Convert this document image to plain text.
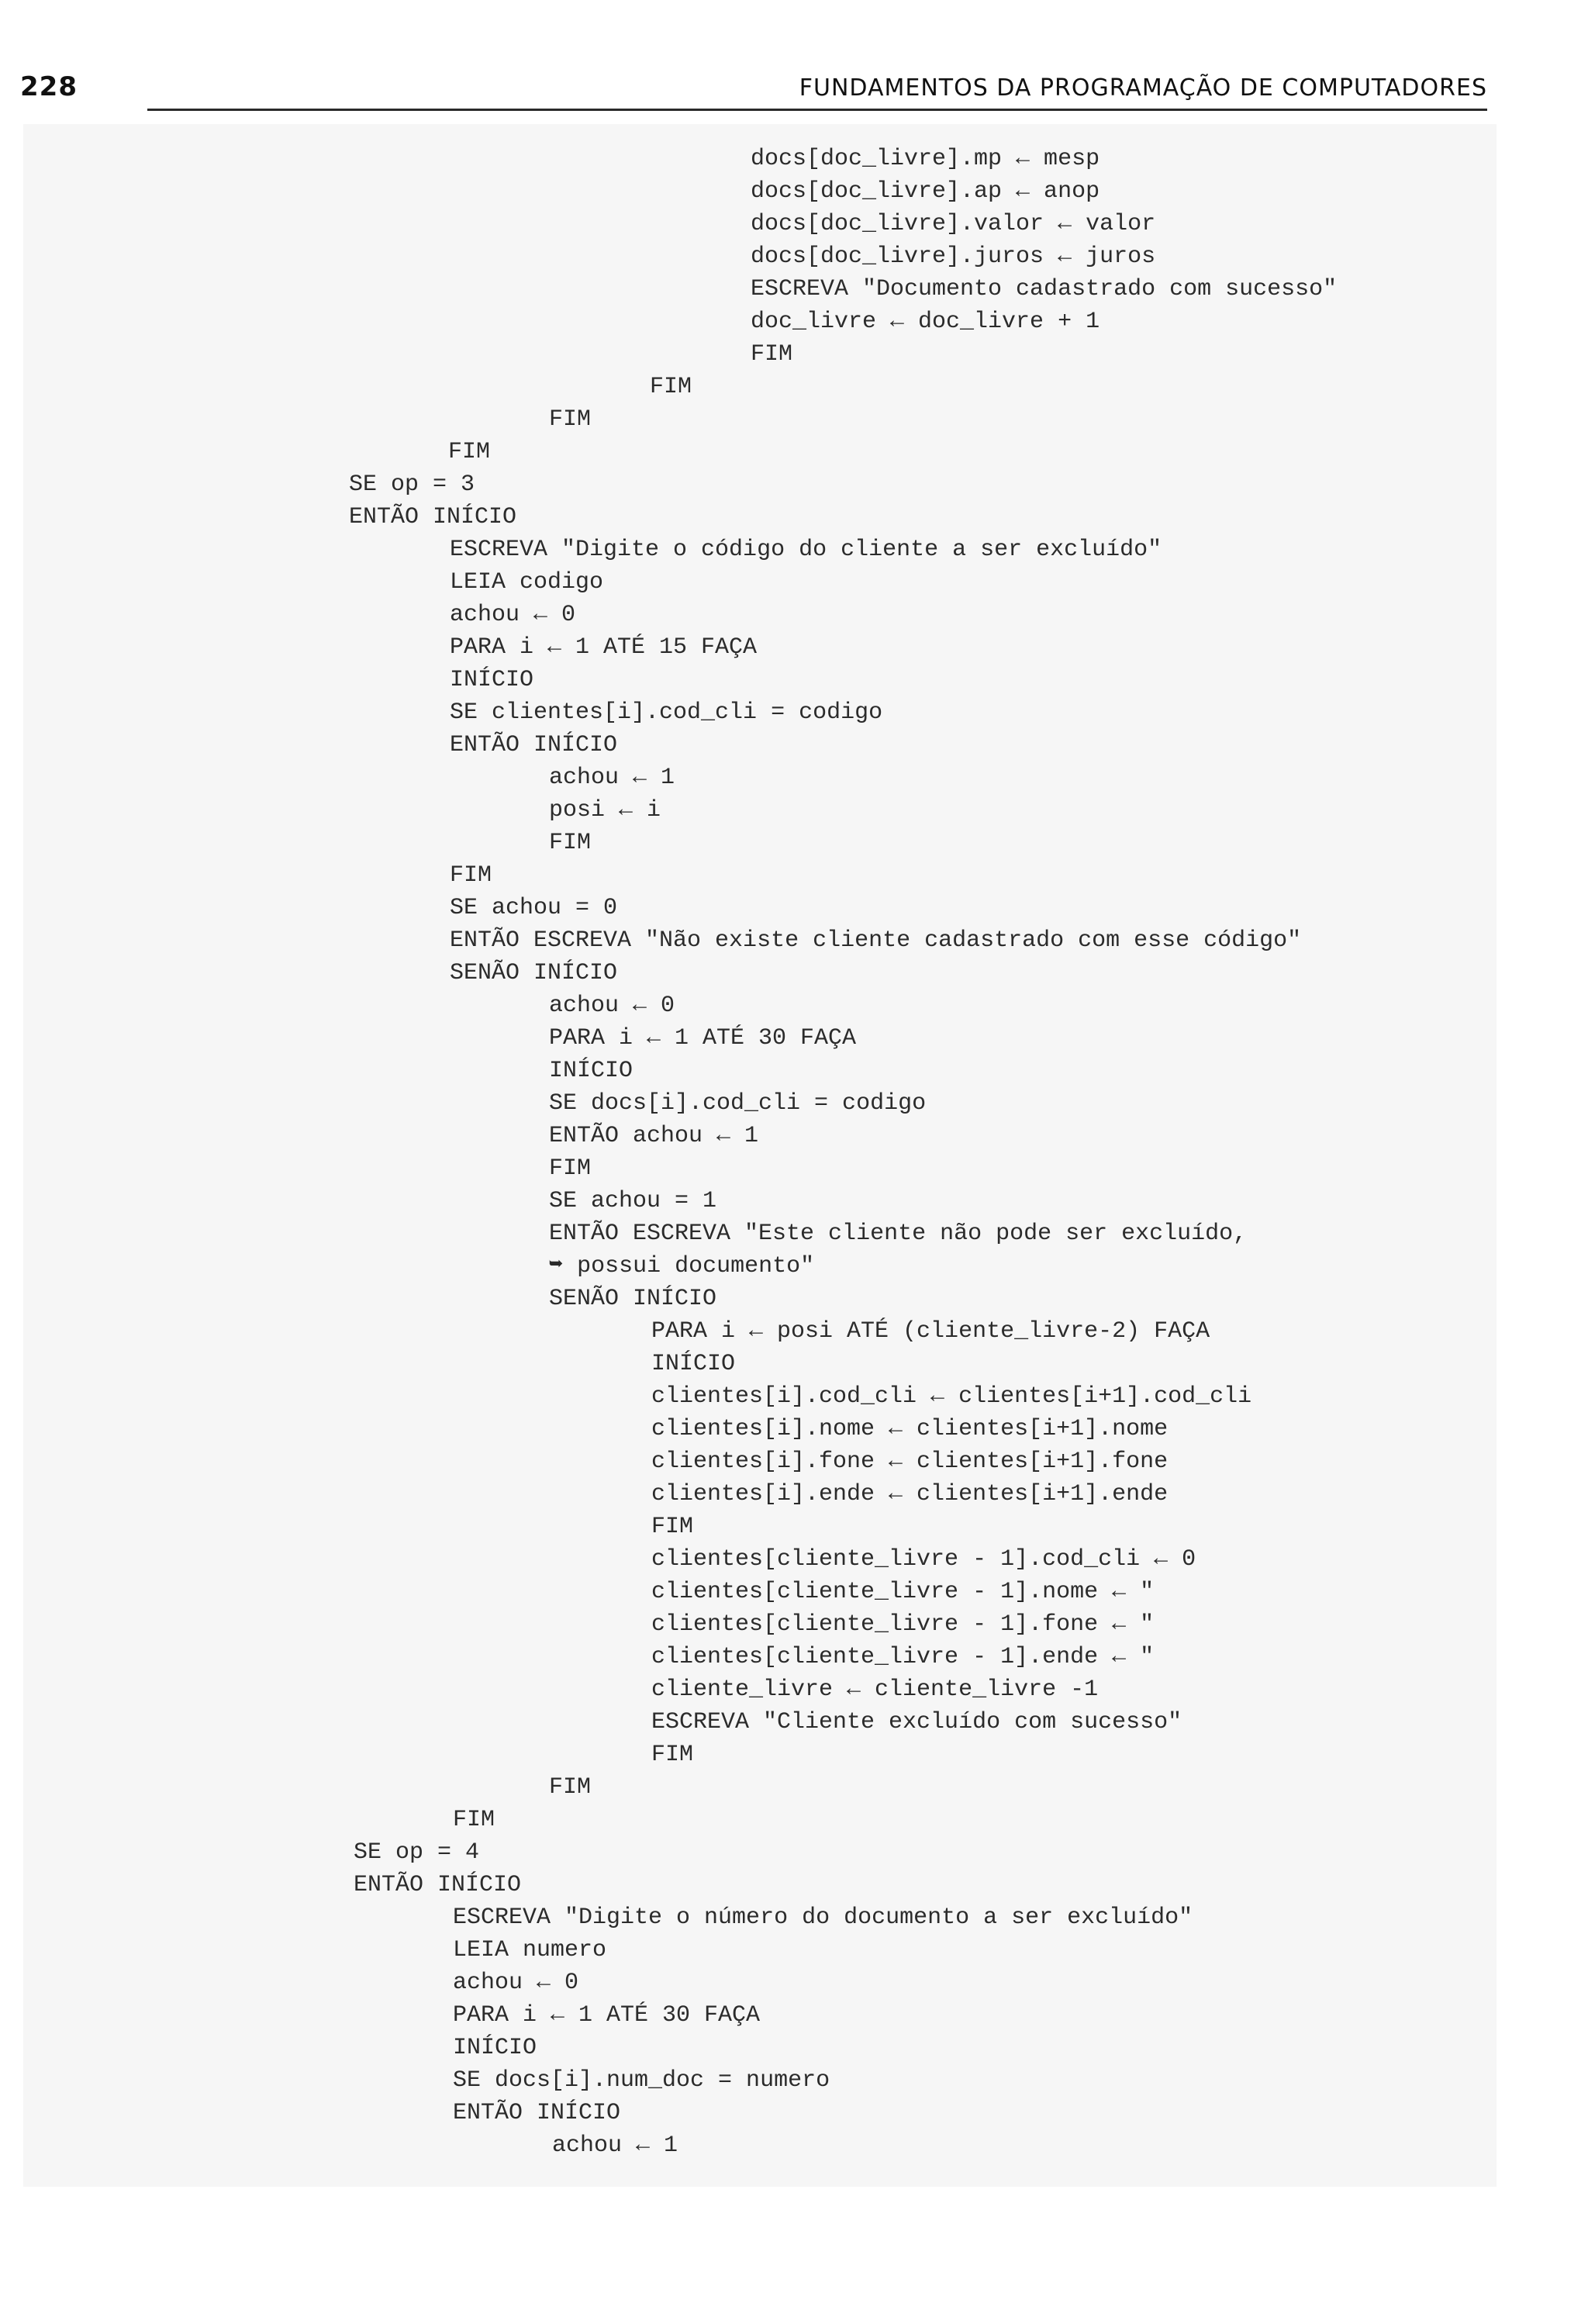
228	FUNDAMENTOS DA PROGRAMAÇÃO DE COMPUTADORES
docs[doc_livre].mp ← mesp
docs[doc_livre].ap ← anop
docs[doc_livre].valor ← valor
docs[doc_livre].juros ← juros
ESCREVA "Documento cadastrado com sucesso"
doc_livre ← doc_livre + 1
FIM
FIM
FIM
FIM
SE op = 3
ENTÃO INÍCIO
ESCREVA "Digite o código do cliente a ser excluído"
LEIA codigo
achou ← 0
PARA i ← 1 ATÉ 15 FAÇA
INÍCIO
SE clientes[i].cod_cli = codigo
ENTÃO INÍCIO
achou ← 1
posi ← i
FIM
FIM
SE achou = 0
ENTÃO ESCREVA "Não existe cliente cadastrado com esse código"
SENÃO INÍCIO
achou ← 0
PARA i ← 1 ATÉ 30 FAÇA
INÍCIO
SE docs[i].cod_cli = codigo
ENTÃO achou ← 1
FIM
SE achou = 1
ENTÃO ESCREVA "Este cliente não pode ser excluído,
➥ possui documento"
SENÃO INÍCIO
PARA i ← posi ATÉ (cliente_livre-2) FAÇA
INÍCIO
clientes[i].cod_cli ← clientes[i+1].cod_cli
clientes[i].nome ← clientes[i+1].nome
clientes[i].fone ← clientes[i+1].fone
clientes[i].ende ← clientes[i+1].ende
FIM
clientes[cliente_livre - 1].cod_cli ← 0
clientes[cliente_livre - 1].nome ← "
clientes[cliente_livre - 1].fone ← "
clientes[cliente_livre - 1].ende ← "
cliente_livre ← cliente_livre -1
ESCREVA "Cliente excluído com sucesso"
FIM
FIM
FIM
SE op = 4
ENTÃO INÍCIO
ESCREVA "Digite o número do documento a ser excluído"
LEIA numero
achou ← 0
PARA i ← 1 ATÉ 30 FAÇA
INÍCIO
SE docs[i].num_doc = numero
ENTÃO INÍCIO
achou ← 1
